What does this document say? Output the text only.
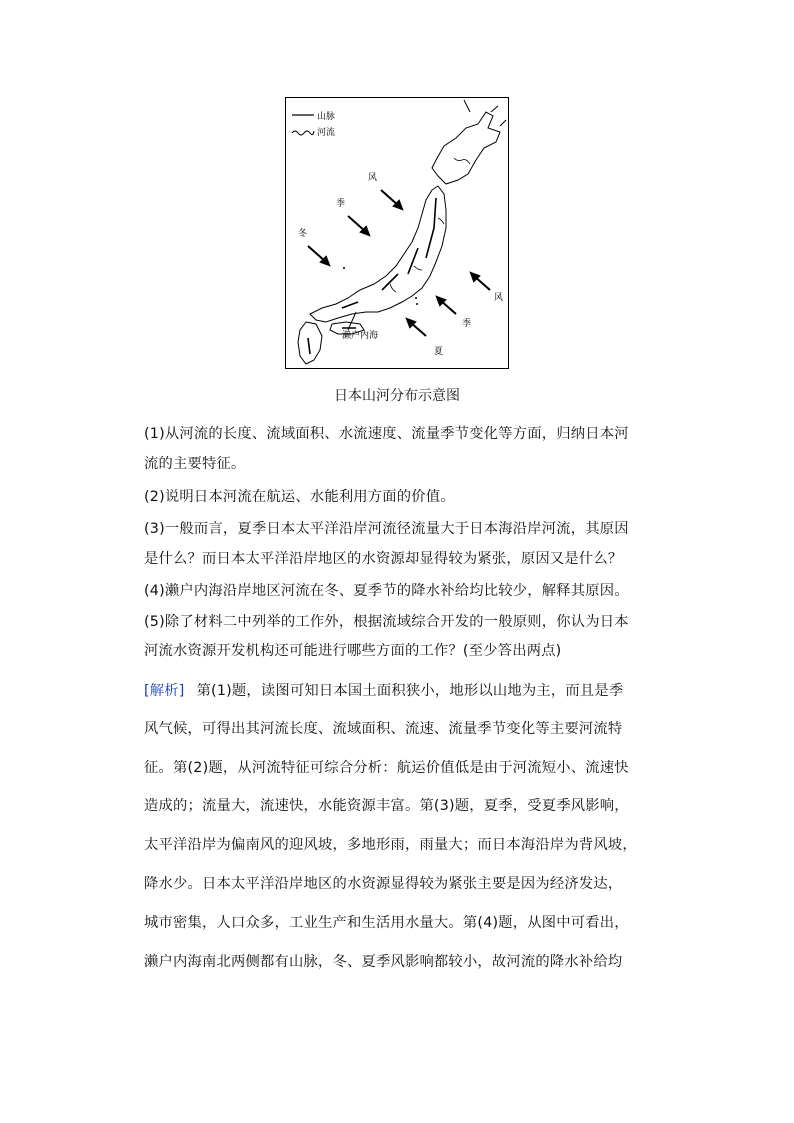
山脉
河流
风
季
冬
风
季
夏
濑户内海
日本山河分布示意图
(1)从河流的长度、流域面积、水流速度、流量季节变化等方面，归纳日本河
流的主要特征。
(2)说明日本河流在航运、水能利用方面的价值。
(3)一般而言，夏季日本太平洋沿岸河流径流量大于日本海沿岸河流，其原因
是什么？而日本太平洋沿岸地区的水资源却显得较为紧张，原因又是什么？
(4)濑户内海沿岸地区河流在冬、夏季节的降水补给均比较少，解释其原因。
(5)除了材料二中列举的工作外，根据流域综合开发的一般原则，你认为日本
河流水资源开发机构还可能进行哪些方面的工作？(至少答出两点)
[解析] 第(1)题，读图可知日本国土面积狭小，地形以山地为主，而且是季
风气候，可得出其河流长度、流域面积、流速、流量季节变化等主要河流特
征。第(2)题，从河流特征可综合分析：航运价值低是由于河流短小、流速快
造成的；流量大，流速快，水能资源丰富。第(3)题，夏季，受夏季风影响，
太平洋沿岸为偏南风的迎风坡，多地形雨，雨量大；而日本海沿岸为背风坡，
降水少。日本太平洋沿岸地区的水资源显得较为紧张主要是因为经济发达，
城市密集，人口众多，工业生产和生活用水量大。第(4)题，从图中可看出，
濑户内海南北两侧都有山脉，冬、夏季风影响都较小，故河流的降水补给均
